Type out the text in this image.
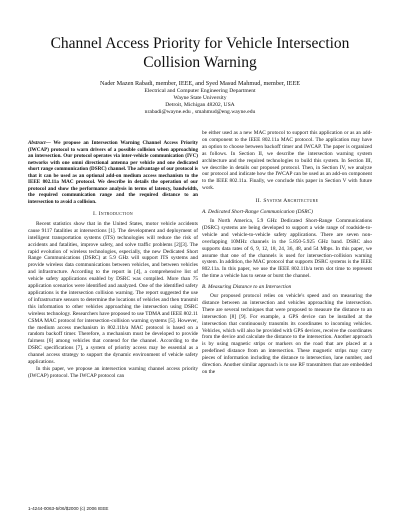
Channel Access Priority for Vehicle Intersection
Collision Warning
Nader Mazen Rabadi, member, IEEE, and Syed Masud Mahmud, member, IEEE
Electrical and Computer Engineering Department
Wayne State University
Detroit, Michigan 48202, USA
nrabadi@wayne.edu , smahmud@eng.wayne.edu
Abstract— We propose an Intersection Warning Channel Access Priority (IWCAP) protocol to warn drivers of a possible collision when approaching an intersection. Our protocol operates via inter-vehicle communication (IVC) networks with one omni directional antenna per vehicle and one dedicated short range communication (DSRC) channel. The advantage of our protocol is that it can be used as an optional add-on medium access mechanism to the IEEE 802.11a MAC protocol. We describe in details the operation of our protocol and show the performance analysis in terms of latency, bandwidth, the required communication range and the required distance to an intersection to avoid a collision.
I. Introduction

Recent statistics show that in the United States, motor vehicle accidents cause 9117 fatalities at intersections [1]. The development and deployment of intelligent transportation systems (ITS) technologies will reduce the risk of accidents and fatalities, improve safety, and solve traffic problems [2][3]. The rapid evolution of wireless technologies, especially, the new Dedicated Short Range Communications (DSRC) at 5.9 GHz will support ITS systems and provide wireless data communications between vehicles, and between vehicles and infrastructure. According to the report in [4], a comprehensive list of vehicle safety applications enabled by DSRC was compiled. More than 75 application scenarios were identified and analyzed. One of the identified safety applications is the intersection collision warning. The report suggested the use of infrastructure sensors to determine the locations of vehicles and then transmit this information to other vehicles approaching the intersection using DSRC wireless technology. Researchers have proposed to use TDMA and IEEE 802.11 CSMA MAC protocol for intersection-collision warning systems [5]. However, the medium access mechanism in 802.11b/a MAC protocol is based on a random backoff timer. Therefore, a mechanism must be developed to provide fairness [6] among vehicles that contend for the channel. According to the DSRC specifications [7], a system of priority access may be essential as a channel access strategy to support the dynamic environment of vehicle safety applications.

In this paper, we propose an intersection warning channel access priority (IWCAP) protocol. The IWCAP protocol can

be either used as a new MAC protocol to support this application or as an add-on component to the IEEE 802.11a MAC protocol. The application may have an option to choose between backoff timer and IWCAP. The paper is organized as follows. In Section II, we describe the intersection warning system architecture and the required technologies to build this system. In Section III, we describe in details our proposed protocol. Then, in Section IV, we analyze our protocol and indicate how the IWCAP can be used as an add-on component to the IEEE 802.11a. Finally, we conclude this paper in Section V with future work.

II. System Architecture
A. Dedicated Short-Range Communication (DSRC)

In North America, 5.9 GHz Dedicated Short-Range Communications (DSRC) systems are being developed to support a wide range of roadside-to-vehicle and vehicle-to-vehicle safety applications. There are seven non-overlapping 10MHz channels in the 5.850-5.925 GHz band. DSRC also supports data rates of 6, 9, 12, 18, 24, 36, 48, and 54 Mbps. In this paper, we assume that one of the channels is used for intersection-collision warning system. In addition, the MAC protocol that supports DSRC systems is the IEEE 802.11a. In this paper, we use the IEEE 802.11b/a term slot time to represent the time a vehicle has to sense or burst the channel.

B. Measuring Distance to an Intersection

Our proposed protocol relies on vehicle's speed and on measuring the distance between an intersection and vehicles approaching the intersection. There are several techniques that were proposed to measure the distance to an intersection [8] [9]. For example, a GPS device can be installed at the intersection that continuously transmits its coordinates to incoming vehicles. Vehicles, which will also be provided with GPS devices, receive the coordinates from the device and calculate the distance to the intersection. Another approach is by using magnetic strips or markers on the road that are placed at a predefined distance from an intersection. These magnetic strips may carry pieces of information including the distance to intersection, lane number, and direction. Another similar approach is to use RF transmitters that are embedded on the

1-4244-0063-5/06/$2000 (c) 2006 IEEE
